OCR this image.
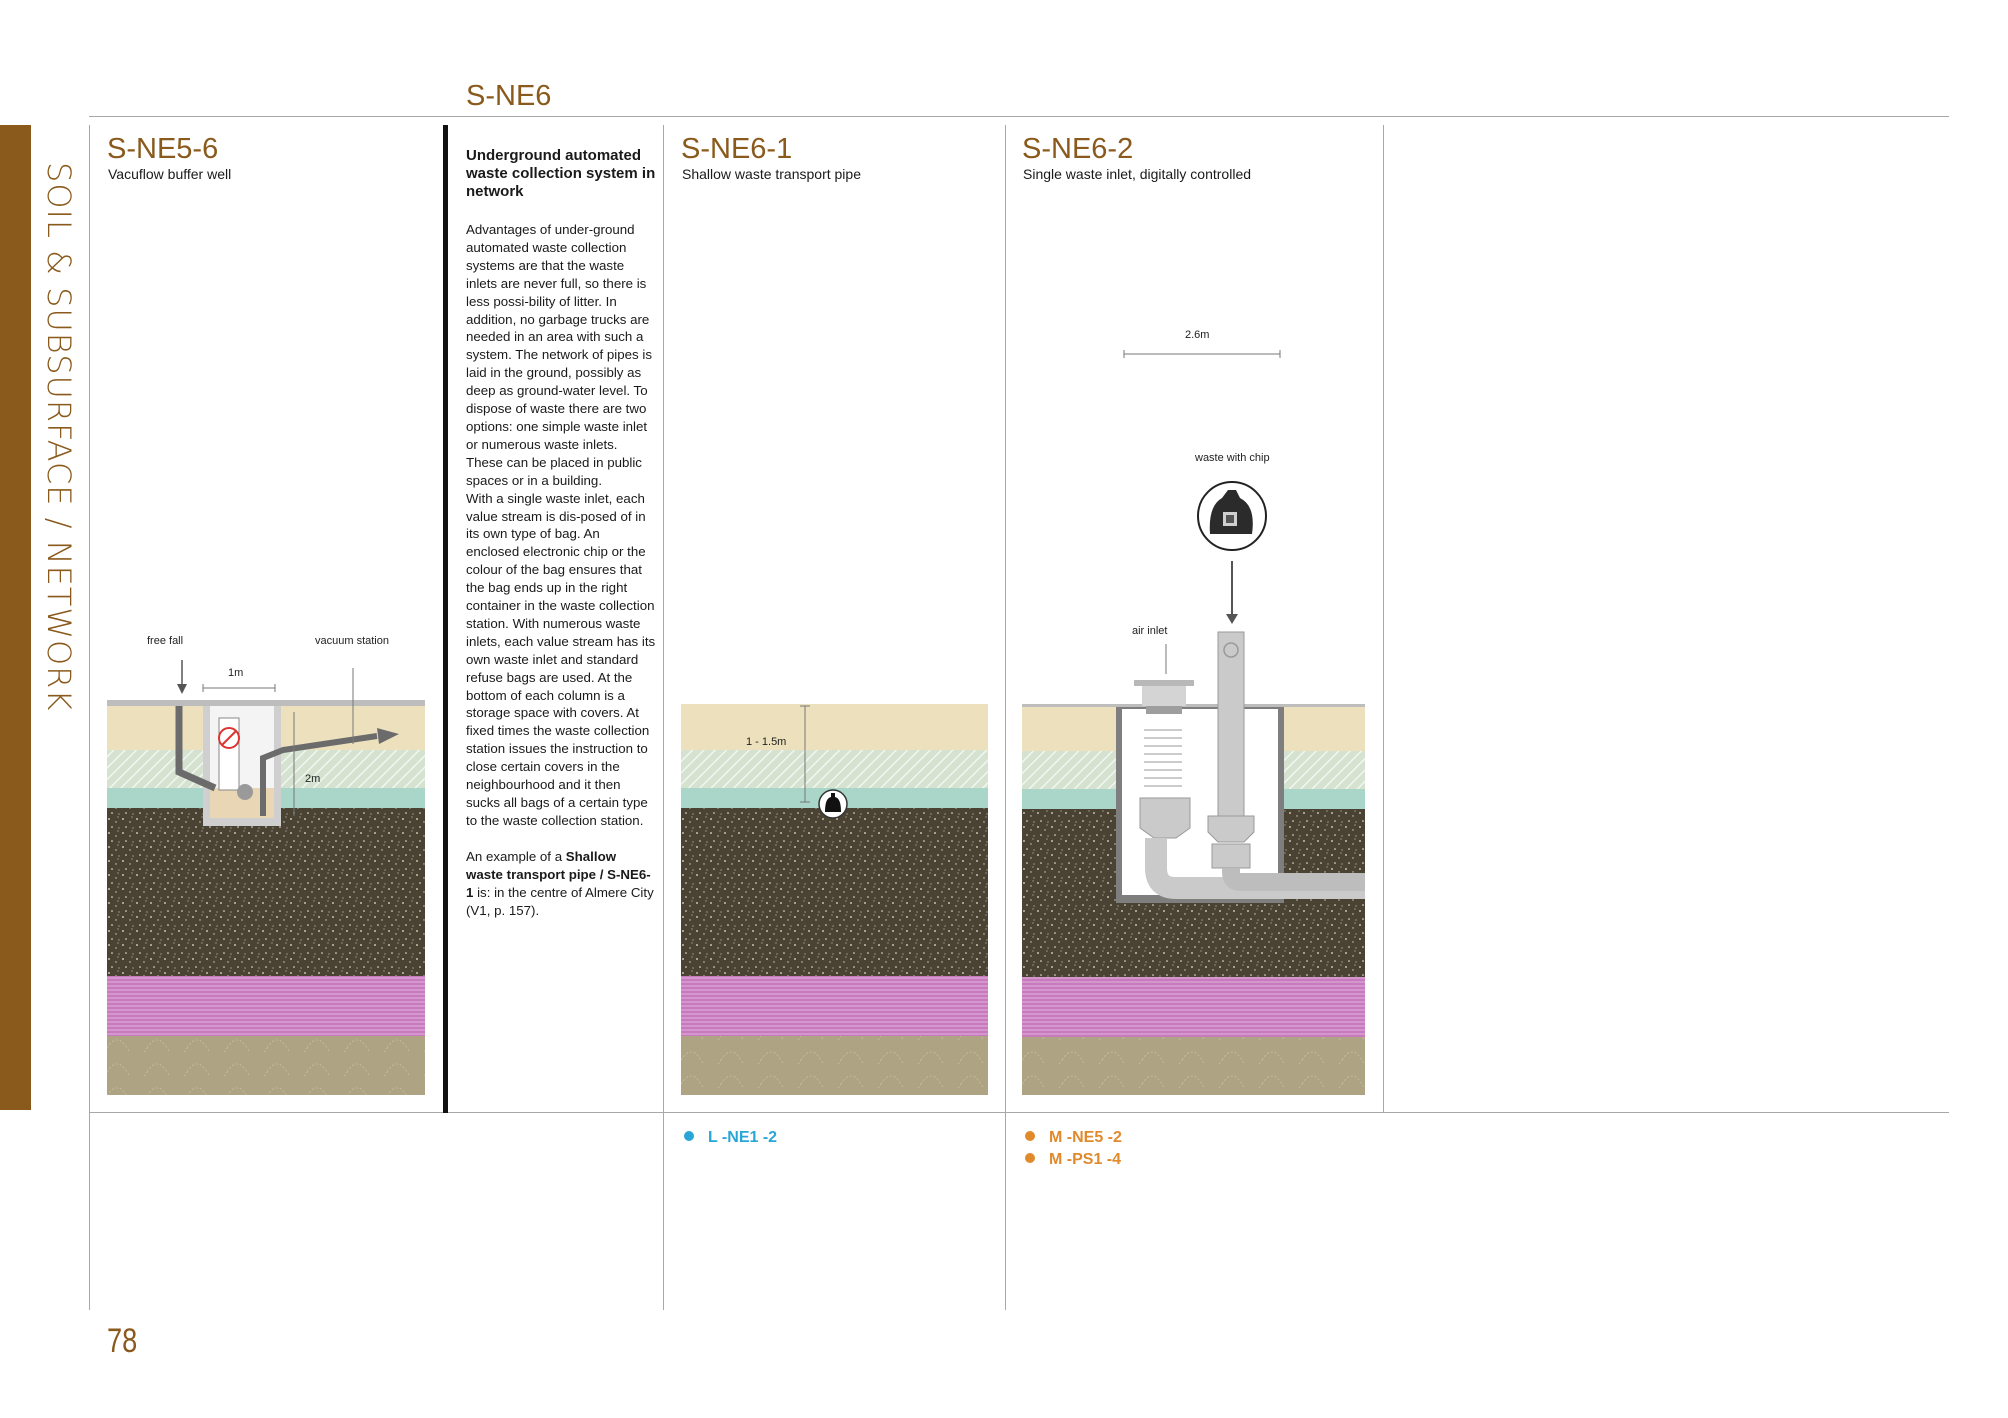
SOIL & SUBSURFACE / NETWORK
S-NE6
S-NE5-6
Vacuflow buffer well
S-NE6-1
Shallow waste transport pipe
S-NE6-2
Single waste inlet, digitally controlled
Underground automated waste collection system in network

Advantages of under-ground automated waste collection systems are that the waste inlets are never full, so there is less possi-bility of litter. In addition, no garbage trucks are needed in an area with such a system. The network of pipes is laid in the ground, possibly as deep as ground-water level. To dispose of waste there are two options: one simple waste inlet or numerous waste inlets. These can be placed in public spaces or in a building.

With a single waste inlet, each value stream is dis-posed of in its own type of bag. An enclosed electronic chip or the colour of the bag ensures that the bag ends up in the right container in the waste collection station. With numerous waste inlets, each value stream has its own waste inlet and standard refuse bags are used. At the bottom of each column is a storage space with covers. At fixed times the waste collection station issues the instruction to close certain covers in the neighbourhood and it then sucks all bags of a certain type to the waste collection station.

An example of a Shallow waste transport pipe / S-NE6-1 is: in the centre of Almere City (V1, p. 157).

free fall	vacuum station
1m
2m
1 - 1.5m
2.6m
waste with chip
air inlet
L -NE1 -2	M -NE5 -2
M -PS1 -4
78
